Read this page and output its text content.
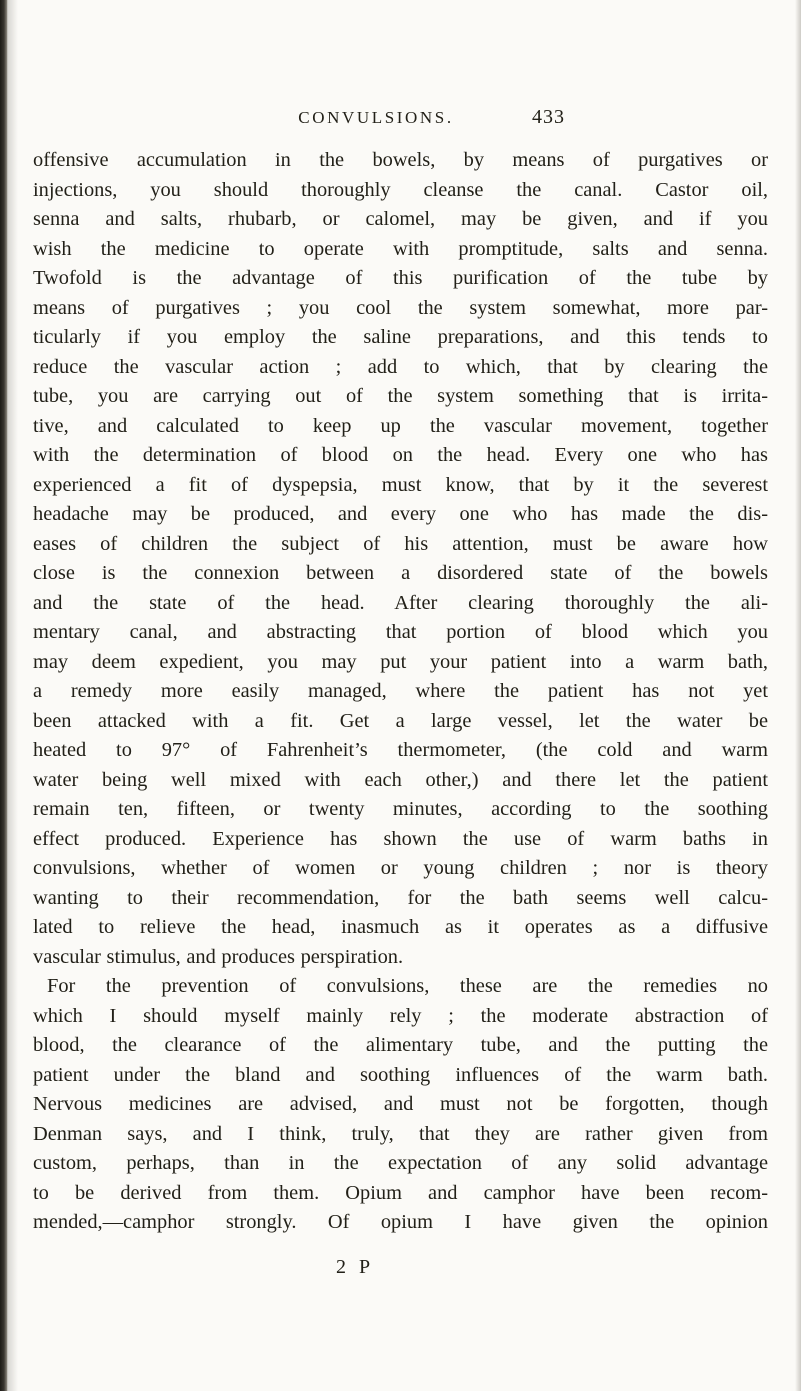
CONVULSIONS.	433

offensive accumulation in the bowels, by means of purgatives or

injections, you should thoroughly cleanse the canal. Castor oil,

senna and salts, rhubarb, or calomel, may be given, and if you

wish the medicine to operate with promptitude, salts and senna.

Twofold is the advantage of this purification of the tube by

means of purgatives ; you cool the system somewhat, more par-

ticularly if you employ the saline preparations, and this tends to

reduce the vascular action ; add to which, that by clearing the

tube, you are carrying out of the system something that is irrita-

tive, and calculated to keep up the vascular movement, together

with the determination of blood on the head. Every one who has

experienced a fit of dyspepsia, must know, that by it the severest

headache may be produced, and every one who has made the dis-

eases of children the subject of his attention, must be aware how

close is the connexion between a disordered state of the bowels

and the state of the head. After clearing thoroughly the ali-

mentary canal, and abstracting that portion of blood which you

may deem expedient, you may put your patient into a warm bath,

a remedy more easily managed, where the patient has not yet

been attacked with a fit. Get a large vessel, let the water be

heated to 97° of Fahrenheit’s thermometer, (the cold and warm

water being well mixed with each other,) and there let the patient

remain ten, fifteen, or twenty minutes, according to the soothing

effect produced. Experience has shown the use of warm baths in

convulsions, whether of women or young children ; nor is theory

wanting to their recommendation, for the bath seems well calcu-

lated to relieve the head, inasmuch as it operates as a diffusive

vascular stimulus, and produces perspiration.

For the prevention of convulsions, these are the remedies no

which I should myself mainly rely ; the moderate abstraction of

blood, the clearance of the alimentary tube, and the putting the

patient under the bland and soothing influences of the warm bath.

Nervous medicines are advised, and must not be forgotten, though

Denman says, and I think, truly, that they are rather given from

custom, perhaps, than in the expectation of any solid advantage

to be derived from them. Opium and camphor have been recom-

mended,—camphor strongly. Of opium I have given the opinion

2 P
